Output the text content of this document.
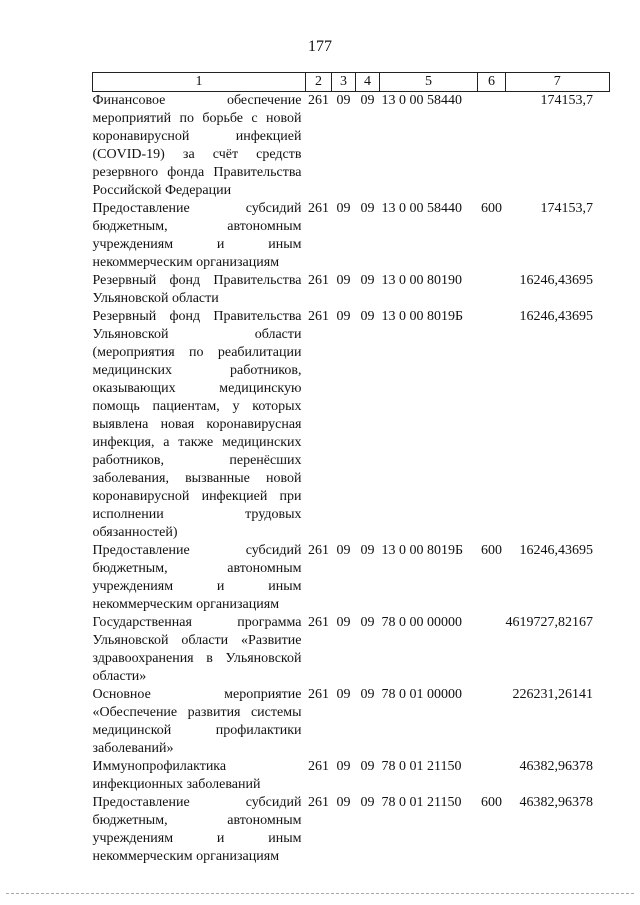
177
1	2	3	4	5	6	7
Финансовое обеспечение мероприятий по борьбе с новой коронавирусной инфекцией (COVID-19) за счёт средств резервного фонда Правительства Российской Федерации	261	09	09	13 0 00 58440		174153,7
Предоставление субсидий бюджетным, автономным учреждениям и иным некоммерческим организациям	261	09	09	13 0 00 58440	600	174153,7
Резервный фонд Правительства Ульяновской области	261	09	09	13 0 00 80190		16246,43695
Резервный фонд Правительства Ульяновской области (мероприятия по реабилитации медицинских работников, оказывающих медицинскую помощь пациентам, у которых выявлена новая коронавирусная инфекция, а также медицинских работников, перенёсших заболевания, вызванные новой коронавирусной инфекцией при исполнении трудовых обязанностей)	261	09	09	13 0 00 8019Б		16246,43695
Предоставление субсидий бюджетным, автономным учреждениям и иным некоммерческим организациям	261	09	09	13 0 00 8019Б	600	16246,43695
Государственная программа Ульяновской области «Развитие здравоохранения в Ульяновской области»	261	09	09	78 0 00 00000		4619727,82167
Основное мероприятие «Обеспечение развития системы медицинской профилактики заболеваний»	261	09	09	78 0 01 00000		226231,26141
Иммунопрофилактика инфекционных заболеваний	261	09	09	78 0 01 21150		46382,96378
Предоставление субсидий бюджетным, автономным учреждениям и иным некоммерческим организациям	261	09	09	78 0 01 21150	600	46382,96378
